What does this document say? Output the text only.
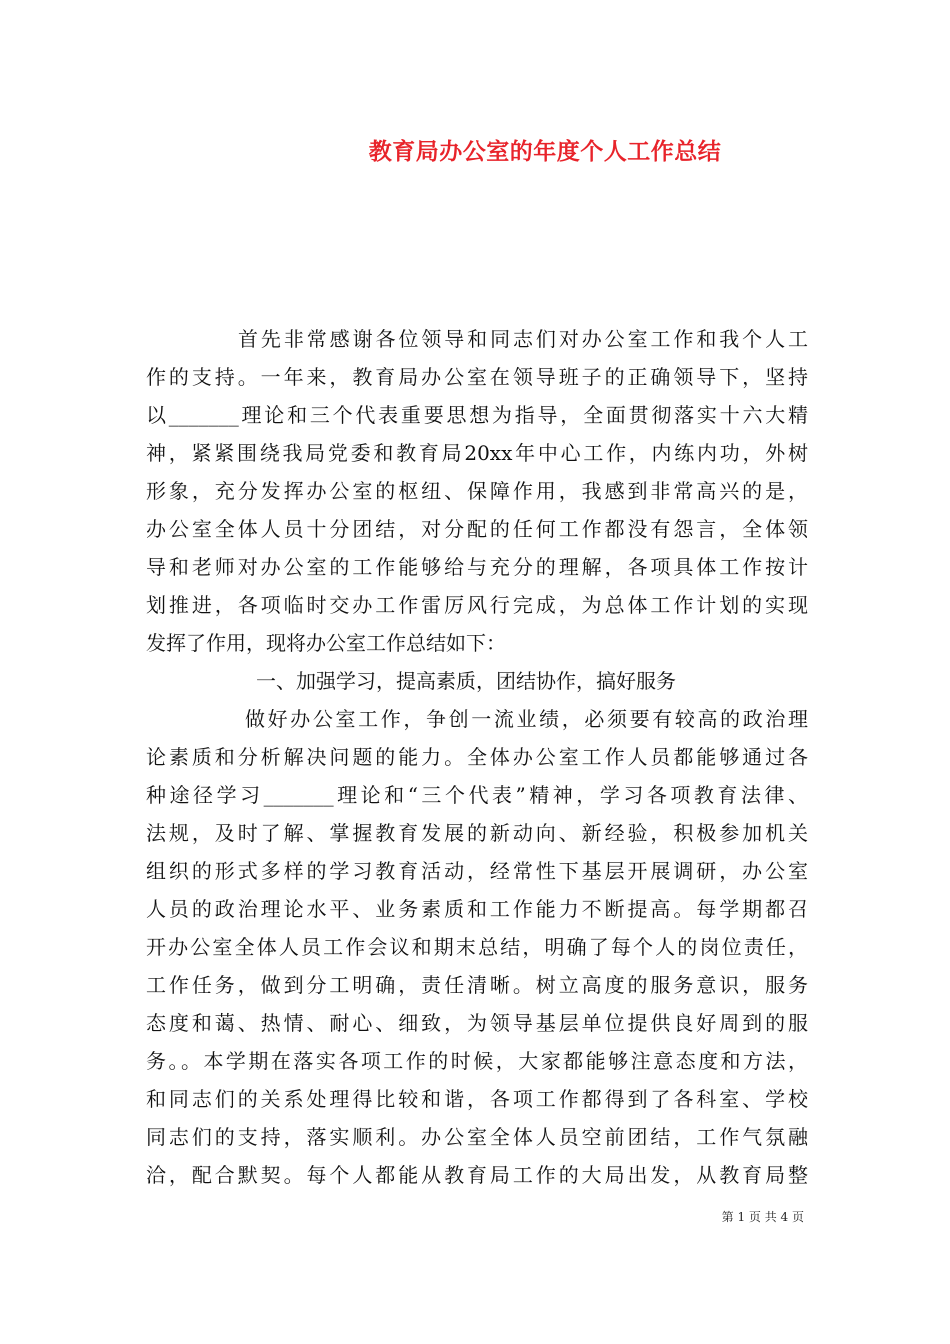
教育局办公室的年度个人工作总结
首先非常感谢各位领导和同志们对办公室工作和我个人工
作的支持。一年来，教育局办公室在领导班子的正确领导下，坚持
以_______理论和三个代表重要思想为指导，全面贯彻落实十六大精
神，紧紧围绕我局党委和教育局20xx年中心工作，内练内功，外树
形象，充分发挥办公室的枢纽、保障作用，我感到非常高兴的是，
办公室全体人员十分团结，对分配的任何工作都没有怨言，全体领
导和老师对办公室的工作能够给与充分的理解，各项具体工作按计
划推进，各项临时交办工作雷厉风行完成，为总体工作计划的实现
发挥了作用，现将办公室工作总结如下：
一、加强学习，提高素质，团结协作，搞好服务
做好办公室工作，争创一流业绩，必须要有较高的政治理
论素质和分析解决问题的能力。全体办公室工作人员都能够通过各
种途径学习_______理论和“三个代表”精神，学习各项教育法律、
法规，及时了解、掌握教育发展的新动向、新经验，积极参加机关
组织的形式多样的学习教育活动，经常性下基层开展调研，办公室
人员的政治理论水平、业务素质和工作能力不断提高。每学期都召
开办公室全体人员工作会议和期末总结，明确了每个人的岗位责任，
工作任务，做到分工明确，责任清晰。树立高度的服务意识，服务
态度和蔼、热情、耐心、细致，为领导基层单位提供良好周到的服
务。。本学期在落实各项工作的时候，大家都能够注意态度和方法，
和同志们的关系处理得比较和谐，各项工作都得到了各科室、学校
同志们的支持，落实顺利。办公室全体人员空前团结，工作气氛融
洽，配合默契。每个人都能从教育局工作的大局出发，从教育局整
第 1 页 共 4 页
